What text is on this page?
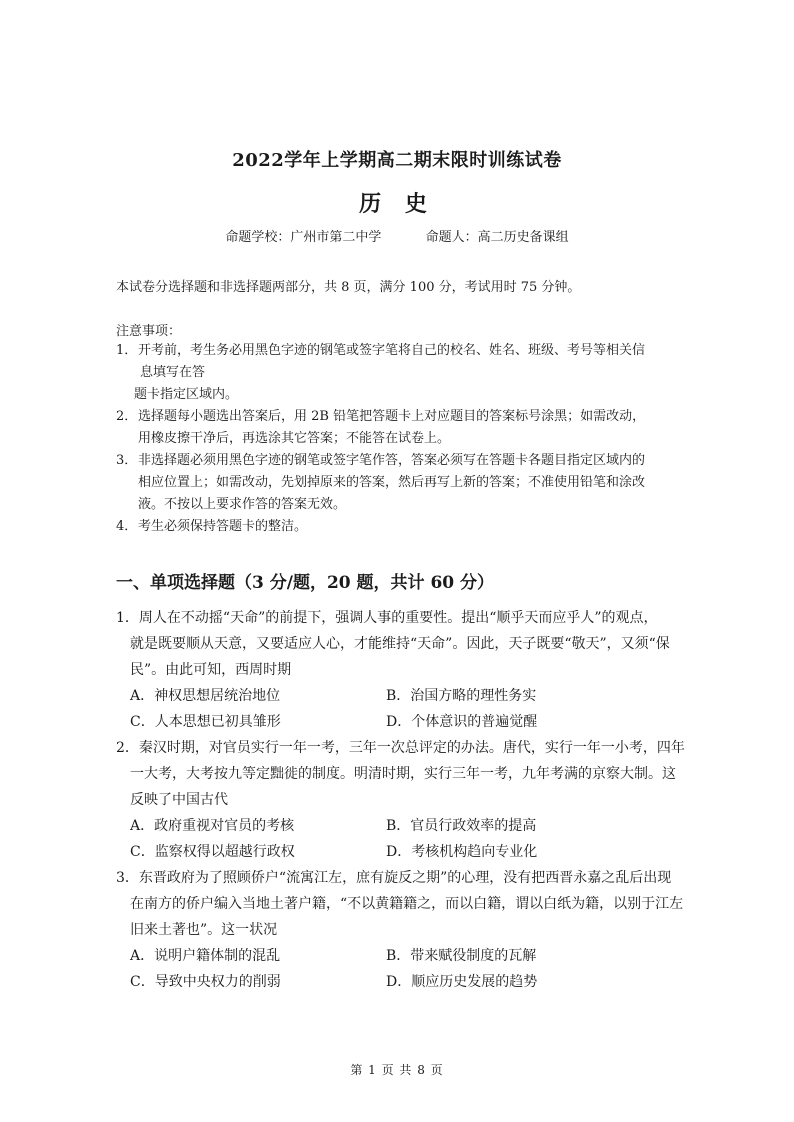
2022学年上学期高二期末限时训练试卷
历 史
命题学校：广州市第二中学	命题人：高二历史备课组
本试卷分选择题和非选择题两部分，共 8 页，满分 100 分，考试用时 75 分钟。
注意事项：
1． 开考前，考生务必用黑色字迹的钢笔或签字笔将自己的校名、姓名、班级、考号等相关信
息填写在答
题卡指定区域内。
2． 选择题每小题选出答案后，用 2B 铅笔把答题卡上对应题目的答案标号涂黑；如需改动，
用橡皮擦干净后，再选涂其它答案；不能答在试卷上。
3． 非选择题必须用黑色字迹的钢笔或签字笔作答，答案必须写在答题卡各题目指定区域内的
相应位置上；如需改动，先划掉原来的答案，然后再写上新的答案；不准使用铅笔和涂改
液。不按以上要求作答的答案无效。
4． 考生必须保持答题卡的整洁。
一、单项选择题（3 分/题，20 题，共计 60 分）
1．周人在不动摇“天命”的前提下，强调人事的重要性。提出“顺乎天而应乎人”的观点，
就是既要顺从天意，又要适应人心，才能维持“天命”。因此，天子既要“敬天”，又须“保
民”。由此可知，西周时期
A．神权思想居统治地位	B．治国方略的理性务实
C．人本思想已初具雏形	D．个体意识的普遍觉醒
2．秦汉时期，对官员实行一年一考，三年一次总评定的办法。唐代，实行一年一小考，四年
一大考，大考按九等定黜徙的制度。明清时期，实行三年一考，九年考满的京察大制。这
反映了中国古代
A．政府重视对官员的考核	B．官员行政效率的提高
C．监察权得以超越行政权	D．考核机构趋向专业化
3．东晋政府为了照顾侨户“流寓江左，庶有旋反之期”的心理，没有把西晋永嘉之乱后出现
在南方的侨户编入当地土著户籍，“不以黄籍籍之，而以白籍，谓以白纸为籍，以别于江左
旧来土著也”。这一状况
A．说明户籍体制的混乱	B．带来赋役制度的瓦解
C．导致中央权力的削弱	D．顺应历史发展的趋势
第 1 页 共 8 页
